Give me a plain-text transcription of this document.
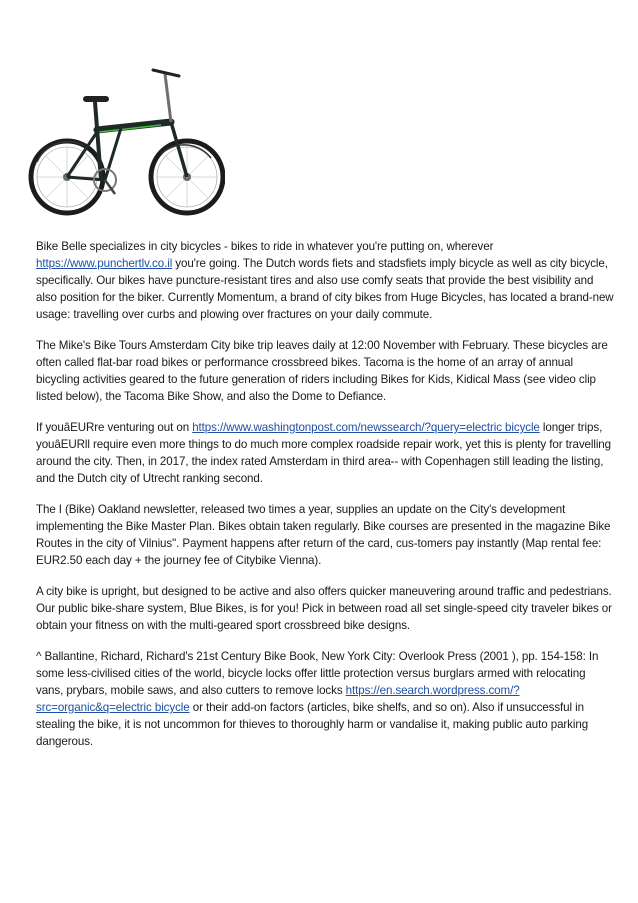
Bike Belle specializes in city bicycles - bikes to ride in whatever you're putting on, wherever https://www.punchertlv.co.il you're going. The Dutch words fiets and stadsfiets imply bicycle as well as city bicycle, specifically. Our bikes have puncture-resistant tires and also use comfy seats that provide the best visibility and also position for the biker. Currently Momentum, a brand of city bikes from Huge Bicycles, has located a brand-new usage: travelling over curbs and plowing over fractures on your daily commute.

The Mike's Bike Tours Amsterdam City bike trip leaves daily at 12:00 November with February. These bicycles are often called flat-bar road bikes or performance crossbreed bikes. Tacoma is the home of an array of annual bicycling activities geared to the future generation of riders including Bikes for Kids, Kidical Mass (see video clip listed below), the Tacoma Bike Show, and also the Dome to Defiance.

If youâEURre venturing out on https://www.washingtonpost.com/newssearch/?query=electric bicycle longer trips, youâEURll require even more things to do much more complex roadside repair work, yet this is plenty for travelling around the city. Then, in 2017, the index rated Amsterdam in third area-- with Copenhagen still leading the listing, and the Dutch city of Utrecht ranking second.

The I (Bike) Oakland newsletter, released two times a year, supplies an update on the City's development implementing the Bike Master Plan. Bikes obtain taken regularly. Bike courses are presented in the magazine Bike Routes in the city of Vilnius". Payment happens after return of the card, cus-tomers pay instantly (Map rental fee: EUR2.50 each day + the journey fee of Citybike Vienna).

A city bike is upright, but designed to be active and also offers quicker maneuvering around traffic and pedestrians. Our public bike-share system, Blue Bikes, is for you! Pick in between road all set single-speed city traveler bikes or obtain your fitness on with the multi-geared sport crossbreed bike designs.

^ Ballantine, Richard, Richard's 21st Century Bike Book, New York City: Overlook Press (2001 ), pp. 154-158: In some less-civilised cities of the world, bicycle locks offer little protection versus burglars armed with relocating vans, prybars, mobile saws, and also cutters to remove locks https://en.search.wordpress.com/?src=organic&q=electric bicycle or their add-on factors (articles, bike shelfs, and so on). Also if unsuccessful in stealing the bike, it is not uncommon for thieves to thoroughly harm or vandalise it, making public auto parking dangerous.
